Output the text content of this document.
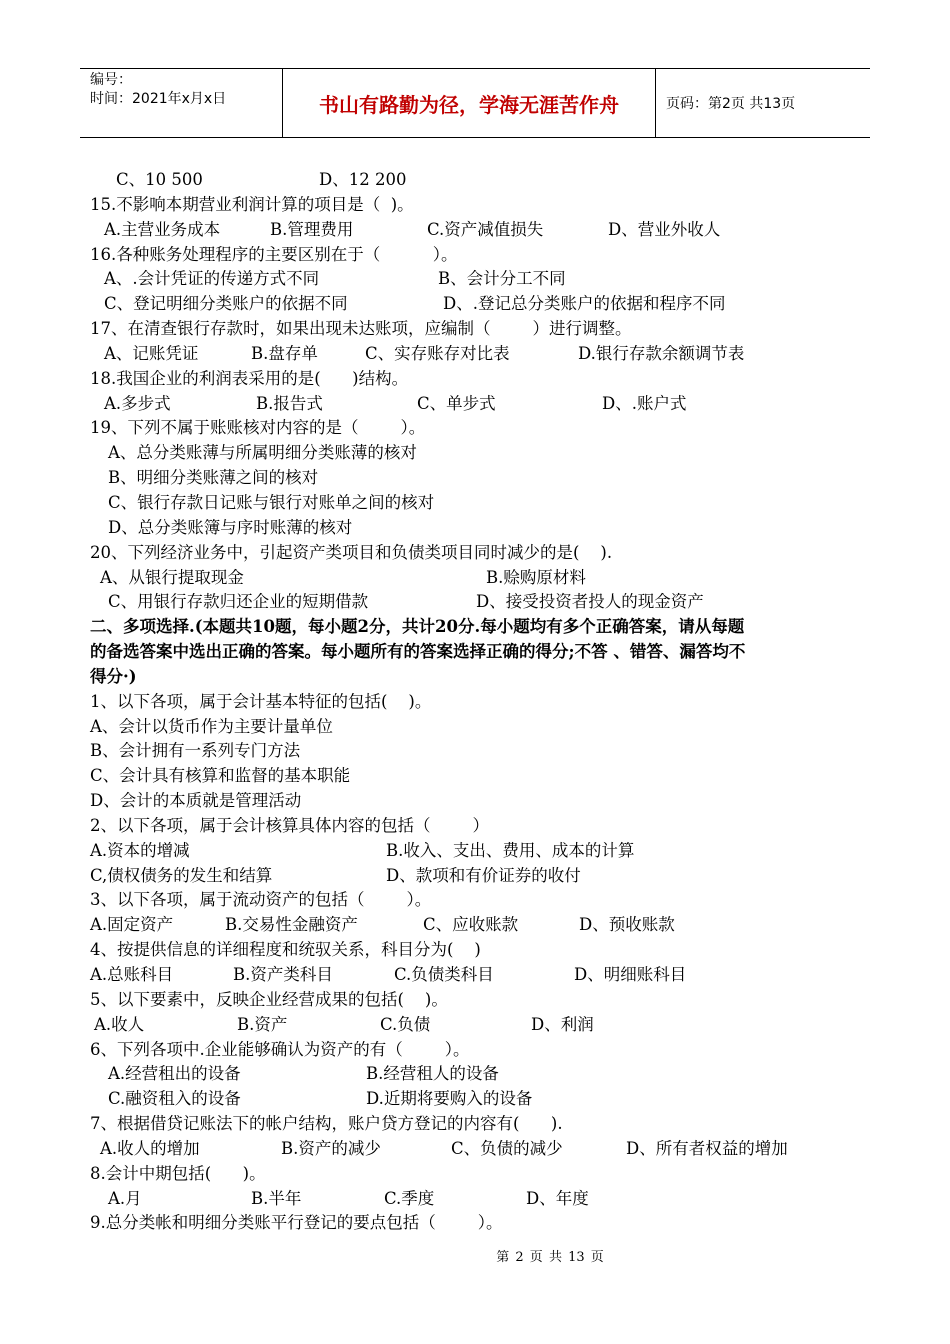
编号：
时间：2021年x月x日	书山有路勤为径，学海无涯苦作舟	页码：第2页 共13页
C、10 500	D、12 200
15.不影响本期营业利润计算的项目是（  )。
A.主营业务成本	B.管理费用	C.资产减值损失	D、营业外收人
16.各种账务处理程序的主要区别在于（          ）。
A、.会计凭证的传递方式不同	B、会计分工不同
C、登记明细分类账户的依据不同	D、.登记总分类账户的依据和程序不同
17、在清查银行存款时，如果出现未达账项，应编制（        ）进行调整。
A、记账凭证	B.盘存单	C、实存账存对比表	D.银行存款余额调节表
18.我国企业的利润表采用的是(      )结构。
A.多步式	B.报告式	C、单步式	D、.账户式
19、下列不属于账账核对内容的是（        ）。
A、总分类账薄与所属明细分类账薄的核对
B、明细分类账薄之间的核对
C、银行存款日记账与银行对账单之间的核对
D、总分类账簿与序时账薄的核对
20、下列经济业务中，引起资产类项目和负债类项目同时减少的是(    ).
A、从银行提取现金	B.赊购原材料
C、用银行存款归还企业的短期借款	D、接受投资者投人的现金资产
二、多项选择.(本题共10题，每小题2分，共计20分.每小题均有多个正确答案，请从每题
的备选答案中选出正确的答案。每小题所有的答案选择正确的得分;不答 、错答、漏答均不
得分·)
1、以下各项，属于会计基本特征的包括(    )。
A、会计以货币作为主要计量单位
B、会计拥有一系列专门方法
C、会计具有核算和监督的基本职能
D、会计的本质就是管理活动
2、以下各项，属于会计核算具体内容的包括（        ）
A.资本的增减	B.收入、支出、费用、成本的计算
C,债权债务的发生和结算	D、款项和有价证券的收付
3、以下各项，属于流动资产的包括（        ）。
A.固定资产	B.交易性金融资产	C、应收账款	D、预收账款
4、按提供信息的详细程度和统驭关系，科目分为(    )
A.总账科目	B.资产类科目	C.负债类科目	D、明细账科目
5、以下要素中，反映企业经营成果的包括(    )。
A.收人	B.资产	C.负债	D、利润
6、下列各项中.企业能够确认为资产的有（        ）。
A.经营租出的设备	B.经营租人的设备
C.融资租入的设备	D.近期将要购入的设备
7、根据借贷记账法下的帐户结构，账户贷方登记的内容有(      ).
A.收人的增加	B.资产的减少	C、负债的减少	D、所有者权益的增加
8.会计中期包括(      )。
A.月	B.半年	C.季度	D、年度
9.总分类帐和明细分类账平行登记的要点包括（        ）。
第 2 页 共 13 页
